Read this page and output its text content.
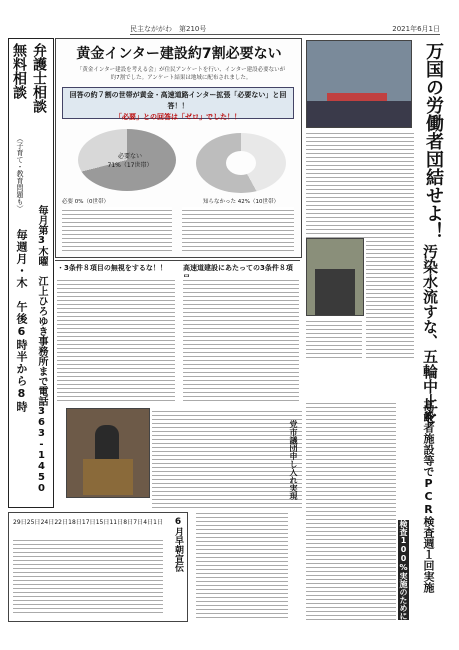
民主なががわ　第210号	2021年6月1日
無料相談 弁護士相談
（子育て・教育問題も）
毎週月・木　午後6時半から8時 毎月第3木曜　江上ひろゆき事務所まで電話363-1450
黄金インター建設約7割必要ない
「黄金インター建設を考える会」が住民アンケートを行い、インター建設必要ないが約7割でした。アンケート結果は地域に配布されました。
回答の約７割の世帯が黄金・高速道路インター拡張「必要ない」と回答！！
「必要」との回答は「ゼロ」でした！！
必要ない 71%（17世帯）
必要 0%（0世帯）	知らなかった 42%（10世帯）
・3条件８項目の無視をするな！！	高速道建設にあたっての3条件８項
万国の労働者団結せよ！
汚染水流すな、五輪中止を
高齢者施設等でPCR検査週１回実施
検査100%実施のために
党市議団申し入れ実現
6月早朝宣伝
29日 25日 24日 22日 18日 17日 15日 11日 8日 7日 4日 1日
